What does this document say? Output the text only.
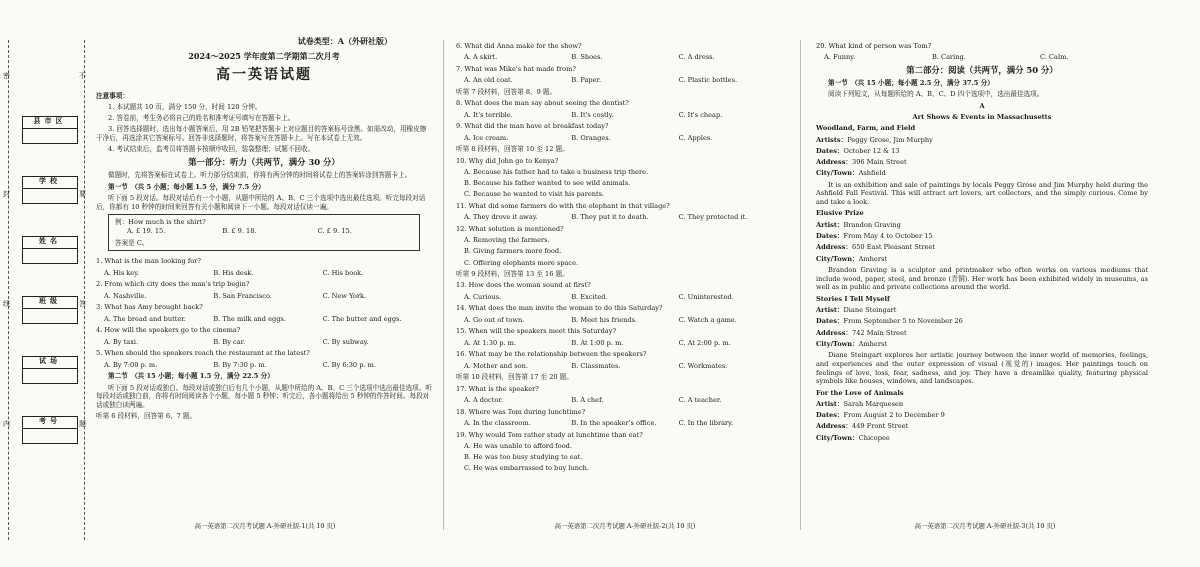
密
封
线
内
不
要
答
题
县市区
学校
姓名
班级
试场
考号
试卷类型：A（外研社版）
2024～2025 学年度第二学期第二次月考
高一英语试题
注意事项：
1. 本试题共 10 页，满分 150 分，时间 120 分钟。
2. 答卷前，考生务必将自己的姓名和准考证号填写在答题卡上。
3. 回答选择题时，选出每小题答案后，用 2B 铅笔把答题卡上对应题目的答案标号涂黑。如需改动，用橡皮擦干净后，再选涂其它答案标号。回答非选择题时，将答案写在答题卡上。写在本试卷上无效。
4. 考试结束后，监考员将答题卡按顺序收回，装袋整理；试题不回收。
第一部分：听力（共两节，满分 30 分）
做题时，先将答案标在试卷上。听力部分结束前，你将有两分钟的时间将试卷上的答案转涂到答题卡上。
第一节　（共 5 小题；每小题 1.5 分，满分 7.5 分）
听下面 5 段对话。每段对话后有一个小题，从题中所给的 A、B、C 三个选项中选出最佳选项。听完每段对话后，你都有 10 秒钟的时间来回答有关小题和阅读下一小题。每段对话仅读一遍。
例：How much is the shirt?
A. £ 19. 15.	B. £ 9. 18.	C. £ 9. 15.
答案是 C。
1. What is the man looking for?
A. His key.	B. His desk.	C. His book.
2. From which city does the man's trip begin?
A. Nashville.	B. San Francisco.	C. New York.
3. What has Amy brought back?
A. The bread and butter.	B. The milk and eggs.	C. The butter and eggs.
4. How will the speakers go to the cinema?
A. By taxi.	B. By car.	C. By subway.
5. When should the speakers reach the restaurant at the latest?
A. By 7:00 p. m.	B. By 7:30 p. m.	C. By 6:30 p. m.
第二节　（共 15 小题；每小题 1.5 分，满分 22.5 分）
听下面 5 段对话或独白。每段对话或独白后有几个小题，从题中所给的 A、B、C 三个选项中选出最佳选项。听每段对话或独白前，你将有时间阅读各个小题，每小题 5 秒钟；听完后，各小题将给出 5 秒钟的作答时间。每段对话或独白读两遍。
听第 6 段材料，回答第 6、7 题。
高一英语第二次月考试题 A-外研社版-1(共 10 页)
6. What did Anna make for the show?
A. A skirt.	B. Shoes.	C. A dress.
7. What was Mike's hat made from?
A. An old coat.	B. Paper.	C. Plastic bottles.
听第 7 段材料，回答第 8、9 题。
8. What does the man say about seeing the dentist?
A. It's terrible.	B. It's costly.	C. It's cheap.
9. What did the man have at breakfast today?
A. Ice cream.	B. Oranges.	C. Apples.
听第 8 段材料，回答第 10 至 12 题。
10. Why did John go to Kenya?
A. Because his father had to take a business trip there.
B. Because his father wanted to see wild animals.
C. Because he wanted to visit his parents.
11. What did some farmers do with the elephant in that village?
A. They drove it away.	B. They put it to death.	C. They protected it.
12. What solution is mentioned?
A. Removing the farmers.
B. Giving farmers more food.
C. Offering elephants more space.
听第 9 段材料，回答第 13 至 16 题。
13. How does the woman sound at first?
A. Curious.	B. Excited.	C. Uninterested.
14. What does the man invite the woman to do this Saturday?
A. Go out of town.	B. Meet his friends.	C. Watch a game.
15. When will the speakers meet this Saturday?
A. At 1:30 p. m.	B. At 1:00 p. m.	C. At 2:00 p. m.
16. What may be the relationship between the speakers?
A. Mother and son.	B. Classmates.	C. Workmates.
听第 10 段材料，回答第 17 至 20 题。
17. What is the speaker?
A. A doctor.	B. A chef.	C. A teacher.
18. Where was Tom during lunchtime?
A. In the classroom.	B. In the speaker's office.	C. In the library.
19. Why would Tom rather study at lunchtime than eat?
A. He was unable to afford food.
B. He was too busy studying to eat.
C. He was embarrassed to buy lunch.
高一英语第二次月考试题 A-外研社版-2(共 10 页)
20. What kind of person was Tom?
A. Funny.	B. Caring.	C. Calm.
第二部分：阅读（共两节，满分 50 分）
第一节　（共 15 小题；每小题 2.5 分，满分 37.5 分）
阅读下列短文，从每题所给的 A、B、C、D 四个选项中，选出最佳选项。
A
Art Shows & Events in Massachusetts
Woodland, Farm, and Field
Artists：Peggy Grose, Jim Murphy
Dates：October 12 & 13
Address：396 Main Street
City/Town：Ashfield
It is an exhibition and sale of paintings by locals Peggy Grose and Jim Murphy held during the Ashfield Fall Festival. This will attract art lovers, art collectors, and the simply curious. Come by and take a look.
Elusive Prize
Artist：Brandon Graving
Dates：From May 4 to October 15
Address：650 East Pleasant Street
City/Town：Amherst
Brandon Graving is a sculptor and printmaker who often works on various mediums that include wood, paper, steel, and bronze (青铜). Her work has been exhibited widely in museums, as well as in public and private collections around the world.
Stories I Tell Myself
Artist：Diane Steingart
Dates：From September 5 to November 26
Address：742 Main Street
City/Town：Amherst
Diane Steingart explores her artistic journey between the inner world of memories, feelings, and experiences and the outer expression of visual (视觉的) images. Her paintings touch on feelings of love, loss, fear, sadness, and joy. They have a dreamlike quality, featuring physical symbols like houses, windows, and landscapes.
For the Love of Animals
Artist：Sarah Marquesen
Dates：From August 2 to December 9
Address：449 Front Street
City/Town：Chicopee
高一英语第二次月考试题 A-外研社版-3(共 10 页)
